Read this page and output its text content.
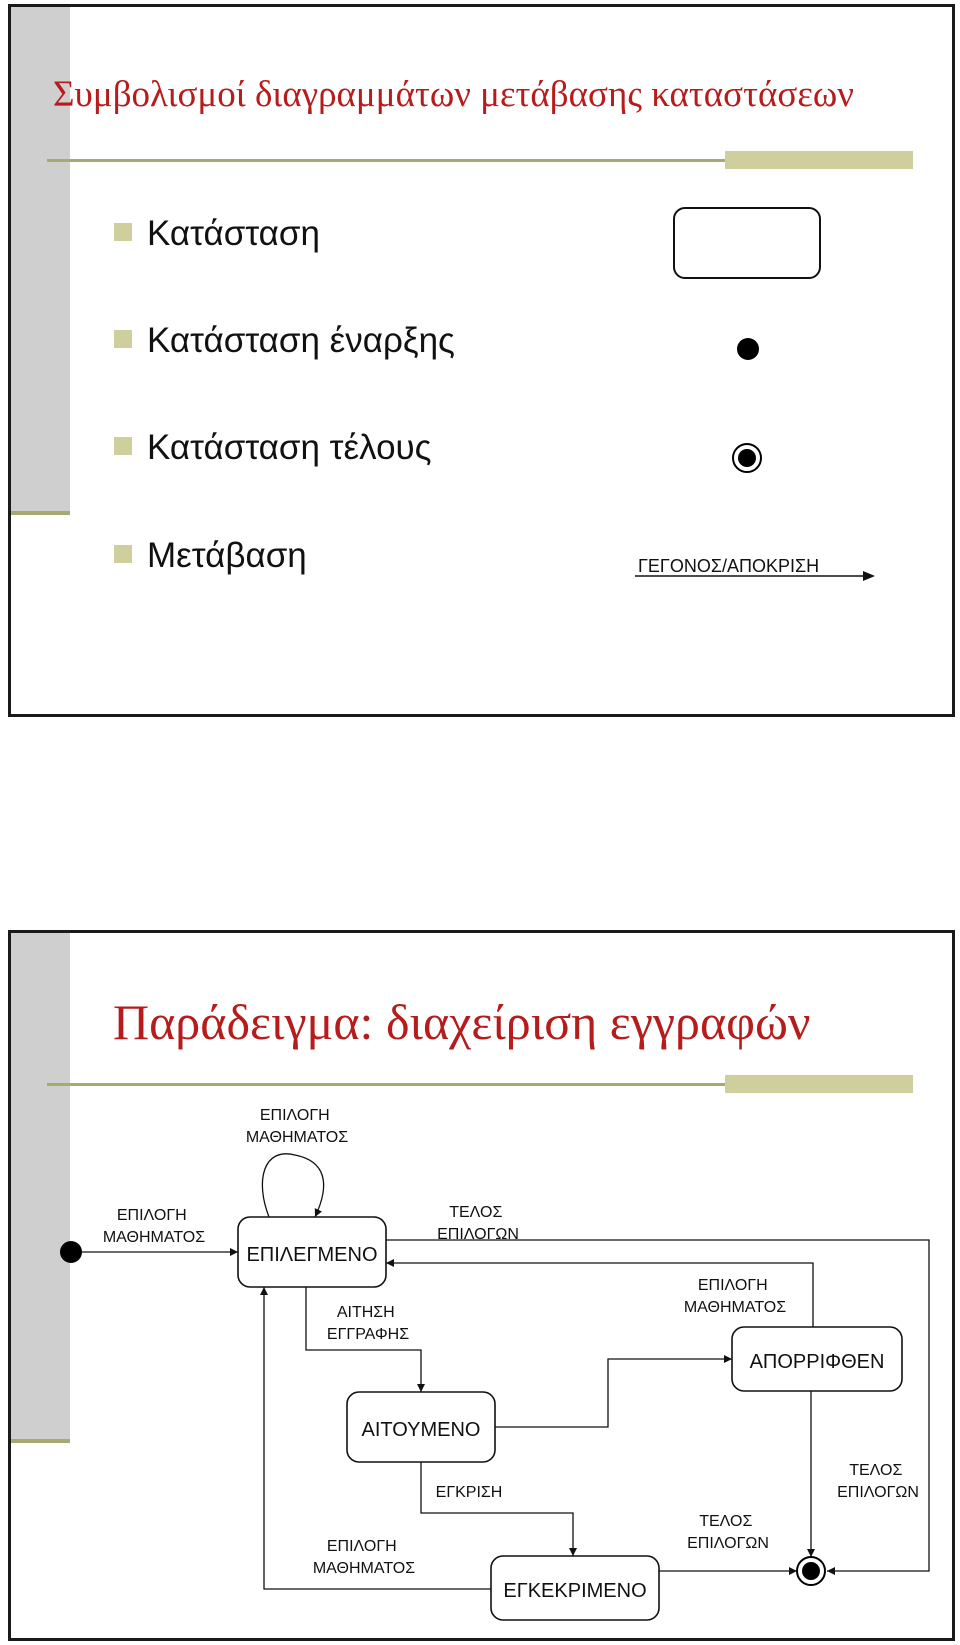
Συμβολισμοί διαγραμμάτων μετάβασης καταστάσεων
Κατάσταση
Κατάσταση έναρξης
Κατάσταση τέλους
Μετάβαση	ΓΕΓΟΝΟΣ/ΑΠΟΚΡΙΣΗ
Παράδειγμα: διαχείριση εγγραφών
ΕΠΙΛΕΓΜΕΝΟ
ΑΙΤΟΥΜΕΝΟ
ΑΠΟΡΡΙΦΘΕΝ
ΕΓΚΕΚΡΙΜΕΝΟ
ΕΠΙΛΟΓΗ ΜΑΘΗΜΑΤΟΣ
ΕΠΙΛΟΓΗ ΜΑΘΗΜΑΤΟΣ
ΤΕΛΟΣ ΕΠΙΛΟΓΩΝ
ΑΙΤΗΣΗ ΕΓΓΡΑΦΗΣ
ΕΠΙΛΟΓΗ ΜΑΘΗΜΑΤΟΣ
ΕΓΚΡΙΣΗ
ΤΕΛΟΣ ΕΠΙΛΟΓΩΝ
ΤΕΛΟΣ ΕΠΙΛΟΓΩΝ
ΕΠΙΛΟΓΗ ΜΑΘΗΜΑΤΟΣ
